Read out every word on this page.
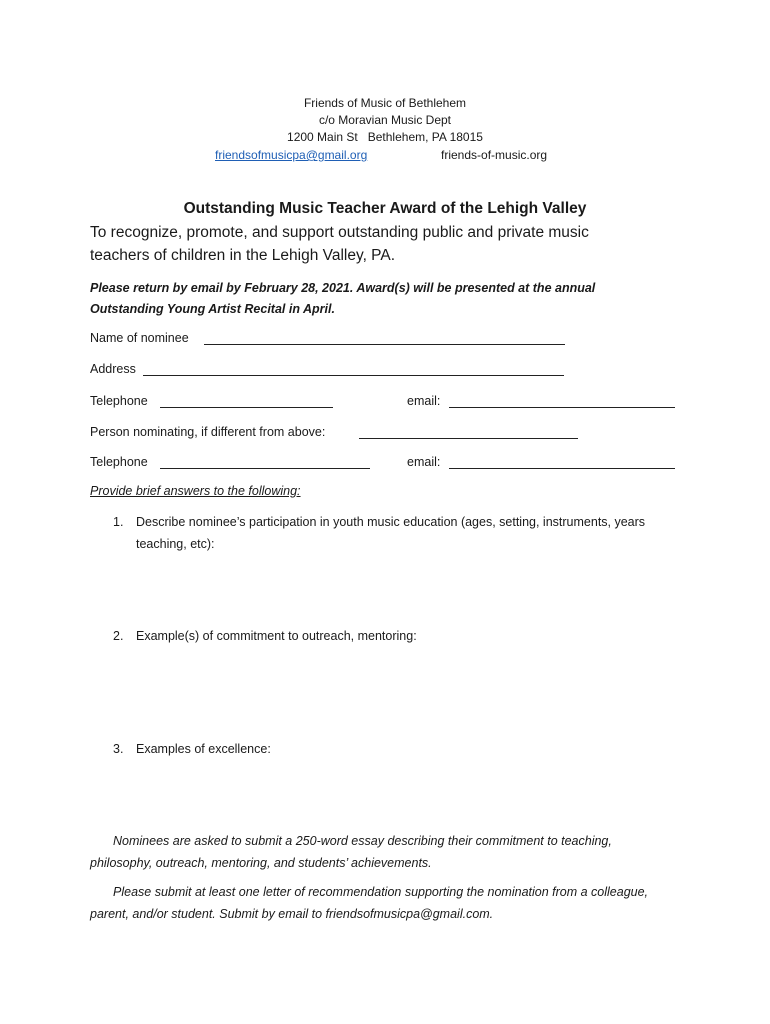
Friends of Music of Bethlehem
c/o Moravian Music Dept
1200 Main St   Bethlehem, PA 18015
friendsofmusicpa@gmail.org	friends-of-music.org
Outstanding Music Teacher Award of the Lehigh Valley
To recognize, promote, and support outstanding public and private music teachers of children in the Lehigh Valley, PA.
Please return by email by February 28, 2021. Award(s) will be presented at the annual Outstanding Young Artist Recital in April.
Name of nominee
Address
Telephone	email:
Person nominating, if different from above:
Telephone	email:
Provide brief answers to the following:
1. Describe nominee’s participation in youth music education (ages, setting, instruments, years teaching, etc):
2. Example(s) of commitment to outreach, mentoring:
3. Examples of excellence:
Nominees are asked to submit a 250-word essay describing their commitment to teaching, philosophy, outreach, mentoring, and students’ achievements.
Please submit at least one letter of recommendation supporting the nomination from a colleague, parent, and/or student. Submit by email to friendsofmusicpa@gmail.com.
